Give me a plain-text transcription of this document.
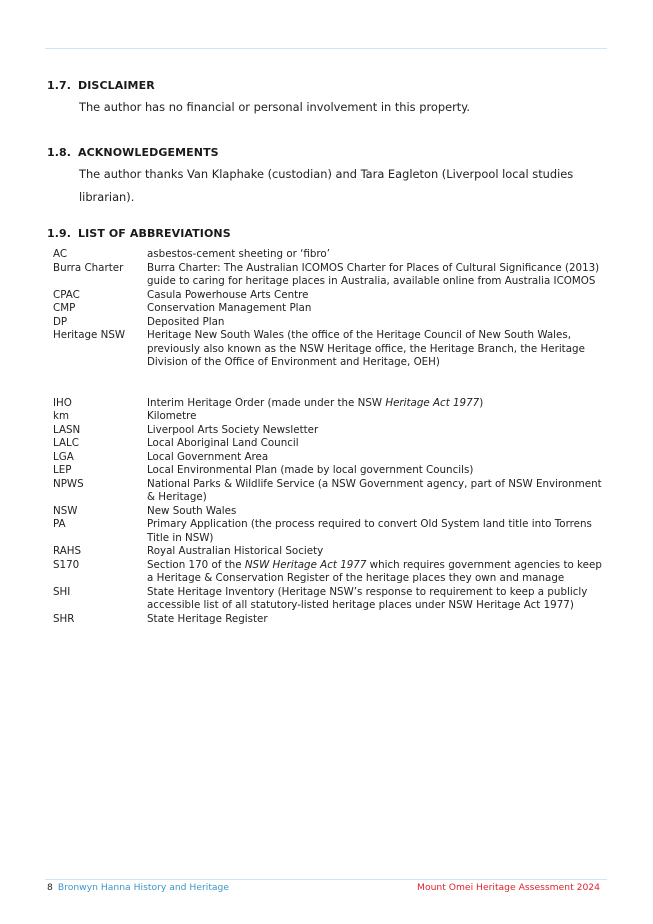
1.7. DISCLAIMER
The author has no financial or personal involvement in this property.
1.8. ACKNOWLEDGEMENTS
The author thanks Van Klaphake (custodian) and Tara Eagleton (Liverpool local studies librarian).
1.9. LIST OF ABBREVIATIONS
AC	asbestos-cement sheeting or ‘fibro’
Burra Charter	Burra Charter: The Australian ICOMOS Charter for Places of Cultural Significance (2013) guide to caring for heritage places in Australia, available online from Australia ICOMOS
CPAC	Casula Powerhouse Arts Centre
CMP	Conservation Management Plan
DP	Deposited Plan
Heritage NSW	Heritage New South Wales (the office of the Heritage Council of New South Wales, previously also known as the NSW Heritage office, the Heritage Branch, the Heritage Division of the Office of Environment and Heritage, OEH)
IHO	Interim Heritage Order (made under the NSW Heritage Act 1977)
km	Kilometre
LASN	Liverpool Arts Society Newsletter
LALC	Local Aboriginal Land Council
LGA	Local Government Area
LEP	Local Environmental Plan (made by local government Councils)
NPWS	National Parks & Wildlife Service (a NSW Government agency, part of NSW Environment & Heritage)
NSW	New South Wales
PA	Primary Application (the process required to convert Old System land title into Torrens Title in NSW)
RAHS	Royal Australian Historical Society
S170	Section 170 of the NSW Heritage Act 1977 which requires government agencies to keep a Heritage & Conservation Register of the heritage places they own and manage
SHI	State Heritage Inventory (Heritage NSW’s response to requirement to keep a publicly accessible list of all statutory-listed heritage places under NSW Heritage Act 1977)
SHR	State Heritage Register
8 Bronwyn Hanna History and Heritage	Mount Omei Heritage Assessment 2024
